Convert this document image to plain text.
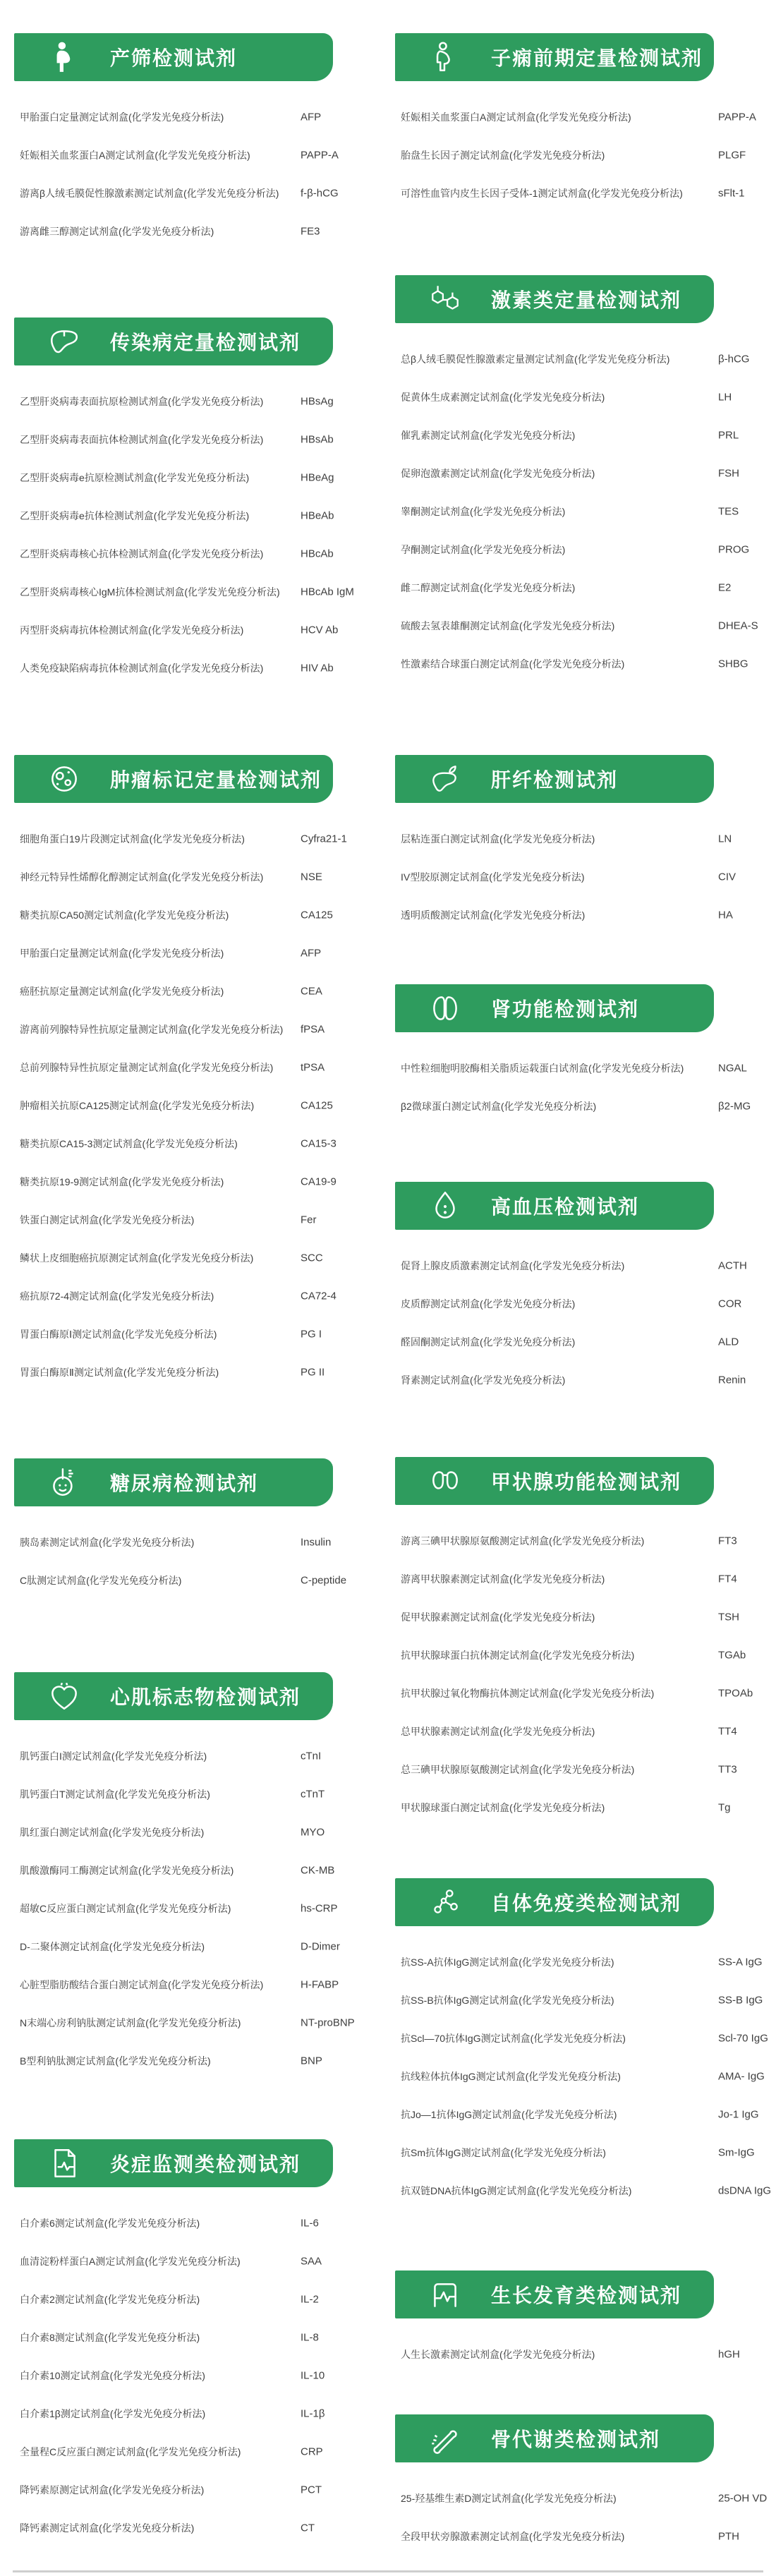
产筛检测试剂
甲胎蛋白定量测定试剂盒(化学发光免疫分析法)	AFP
妊娠相关血浆蛋白A测定试剂盒(化学发光免疫分析法)	PAPP-A
游离β人绒毛膜促性腺激素测定试剂盒(化学发光免疫分析法) f-β-hCG
游离雌三醇测定试剂盒(化学发光免疫分析法)	FE3
传染病定量检测试剂
乙型肝炎病毒表面抗原检测试剂盒(化学发光免疫分析法)	HBsAg
乙型肝炎病毒表面抗体检测试剂盒(化学发光免疫分析法)	HBsAb
乙型肝炎病毒e抗原检测试剂盒(化学发光免疫分析法)	HBeAg
乙型肝炎病毒e抗体检测试剂盒(化学发光免疫分析法)	HBeAb
乙型肝炎病毒核心抗体检测试剂盒(化学发光免疫分析法)	HBcAb
乙型肝炎病毒核心IgM抗体检测试剂盒(化学发光免疫分析法) HBcAb IgM
丙型肝炎病毒抗体检测试剂盒(化学发光免疫分析法)	HCV Ab
人类免疫缺陷病毒抗体检测试剂盒(化学发光免疫分析法)	HIV Ab
肿瘤标记定量检测试剂
细胞角蛋白19片段测定试剂盒(化学发光免疫分析法)	Cyfra21-1
神经元特异性烯醇化醇测定试剂盒(化学发光免疫分析法)	NSE
糖类抗原CA50测定试剂盒(化学发光免疫分析法)	CA125
甲胎蛋白定量测定试剂盒(化学发光免疫分析法)	AFP
癌胚抗原定量测定试剂盒(化学发光免疫分析法)	CEA
游离前列腺特异性抗原定量测定试剂盒(化学发光免疫分析法) fPSA
总前列腺特异性抗原定量测定试剂盒(化学发光免疫分析法)	tPSA
肿瘤相关抗原CA125测定试剂盒(化学发光免疫分析法)	CA125
糖类抗原CA15-3测定试剂盒(化学发光免疫分析法)	CA15-3
糖类抗原19-9测定试剂盒(化学发光免疫分析法)	CA19-9
铁蛋白测定试剂盒(化学发光免疫分析法)	Fer
鳞状上皮细胞癌抗原测定试剂盒(化学发光免疫分析法)	SCC
癌抗原72-4测定试剂盒(化学发光免疫分析法)	CA72-4
胃蛋白酶原Ⅰ测定试剂盒(化学发光免疫分析法)	PG I
胃蛋白酶原Ⅱ测定试剂盒(化学发光免疫分析法)	PG II
糖尿病检测试剂
胰岛素测定试剂盒(化学发光免疫分析法)	Insulin
C肽测定试剂盒(化学发光免疫分析法)	C-peptide
心肌标志物检测试剂
肌钙蛋白I测定试剂盒(化学发光免疫分析法)	cTnI
肌钙蛋白T测定试剂盒(化学发光免疫分析法)	cTnT
肌红蛋白测定试剂盒(化学发光免疫分析法)	MYO
肌酸激酶同工酶测定试剂盒(化学发光免疫分析法)	CK-MB
超敏C反应蛋白测定试剂盒(化学发光免疫分析法)	hs-CRP
D-二聚体测定试剂盒(化学发光免疫分析法)	D-Dimer
心脏型脂肪酸结合蛋白测定试剂盒(化学发光免疫分析法)	H-FABP
N末端心房利钠肽测定试剂盒(化学发光免疫分析法)	NT-proBNP
B型利钠肽测定试剂盒(化学发光免疫分析法)	BNP
炎症监测类检测试剂
白介素6测定试剂盒(化学发光免疫分析法)	IL-6
血清淀粉样蛋白A测定试剂盒(化学发光免疫分析法)	SAA
白介素2测定试剂盒(化学发光免疫分析法)	IL-2
白介素8测定试剂盒(化学发光免疫分析法)	IL-8
白介素10测定试剂盒(化学发光免疫分析法)	IL-10
白介素1β测定试剂盒(化学发光免疫分析法)	IL-1β
全量程C反应蛋白测定试剂盒(化学发光免疫分析法)	CRP
降钙素原测定试剂盒(化学发光免疫分析法)	PCT
降钙素测定试剂盒(化学发光免疫分析法)	CT
子痫前期定量检测试剂
妊娠相关血浆蛋白A测定试剂盒(化学发光免疫分析法)	PAPP-A
胎盘生长因子测定试剂盒(化学发光免疫分析法)	PLGF
可溶性血管内皮生长因子受体-1测定试剂盒(化学发光免疫分析法)	sFlt-1
激素类定量检测试剂
总β人绒毛膜促性腺激素定量测定试剂盒(化学发光免疫分析法)	β-hCG
促黄体生成素测定试剂盒(化学发光免疫分析法)	LH
催乳素测定试剂盒(化学发光免疫分析法)	PRL
促卵泡激素测定试剂盒(化学发光免疫分析法)	FSH
睾酮测定试剂盒(化学发光免疫分析法)	TES
孕酮测定试剂盒(化学发光免疫分析法)	PROG
雌二醇测定试剂盒(化学发光免疫分析法)	E2
硫酸去氢表雄酮测定试剂盒(化学发光免疫分析法)	DHEA-S
性激素结合球蛋白测定试剂盒(化学发光免疫分析法)	SHBG
肝纤检测试剂
层粘连蛋白测定试剂盒(化学发光免疫分析法)	LN
IV型胶原测定试剂盒(化学发光免疫分析法)	CIV
透明质酸测定试剂盒(化学发光免疫分析法)	HA
肾功能检测试剂
中性粒细胞明胶酶相关脂质运载蛋白试剂盒(化学发光免疫分析法)	NGAL
β2微球蛋白测定试剂盒(化学发光免疫分析法)	β2-MG
高血压检测试剂
促肾上腺皮质激素测定试剂盒(化学发光免疫分析法)	ACTH
皮质醇测定试剂盒(化学发光免疫分析法)	COR
醛固酮测定试剂盒(化学发光免疫分析法)	ALD
肾素测定试剂盒(化学发光免疫分析法)	Renin
甲状腺功能检测试剂
游离三碘甲状腺原氨酸测定试剂盒(化学发光免疫分析法)	FT3
游离甲状腺素测定试剂盒(化学发光免疫分析法)	FT4
促甲状腺素测定试剂盒(化学发光免疫分析法)	TSH
抗甲状腺球蛋白抗体测定试剂盒(化学发光免疫分析法)	TGAb
抗甲状腺过氧化物酶抗体测定试剂盒(化学发光免疫分析法)	TPOAb
总甲状腺素测定试剂盒(化学发光免疫分析法)	TT4
总三碘甲状腺原氨酸测定试剂盒(化学发光免疫分析法)	TT3
甲状腺球蛋白测定试剂盒(化学发光免疫分析法)	Tg
自体免疫类检测试剂
抗SS-A抗体IgG测定试剂盒(化学发光免疫分析法)	SS-A IgG
抗SS-B抗体IgG测定试剂盒(化学发光免疫分析法)	SS-B IgG
抗Scl—70抗体IgG测定试剂盒(化学发光免疫分析法)	Scl-70 IgG
抗线粒体抗体IgG测定试剂盒(化学发光免疫分析法)	AMA- IgG
抗Jo—1抗体IgG测定试剂盒(化学发光免疫分析法)	Jo-1 IgG
抗Sm抗体IgG测定试剂盒(化学发光免疫分析法)	Sm-IgG
抗双链DNA抗体IgG测定试剂盒(化学发光免疫分析法)	dsDNA IgG
生长发育类检测试剂
人生长激素测定试剂盒(化学发光免疫分析法)	hGH
骨代谢类检测试剂
25-羟基维生素D测定试剂盒(化学发光免疫分析法)	25-OH VD
全段甲状旁腺激素测定试剂盒(化学发光免疫分析法)	PTH
